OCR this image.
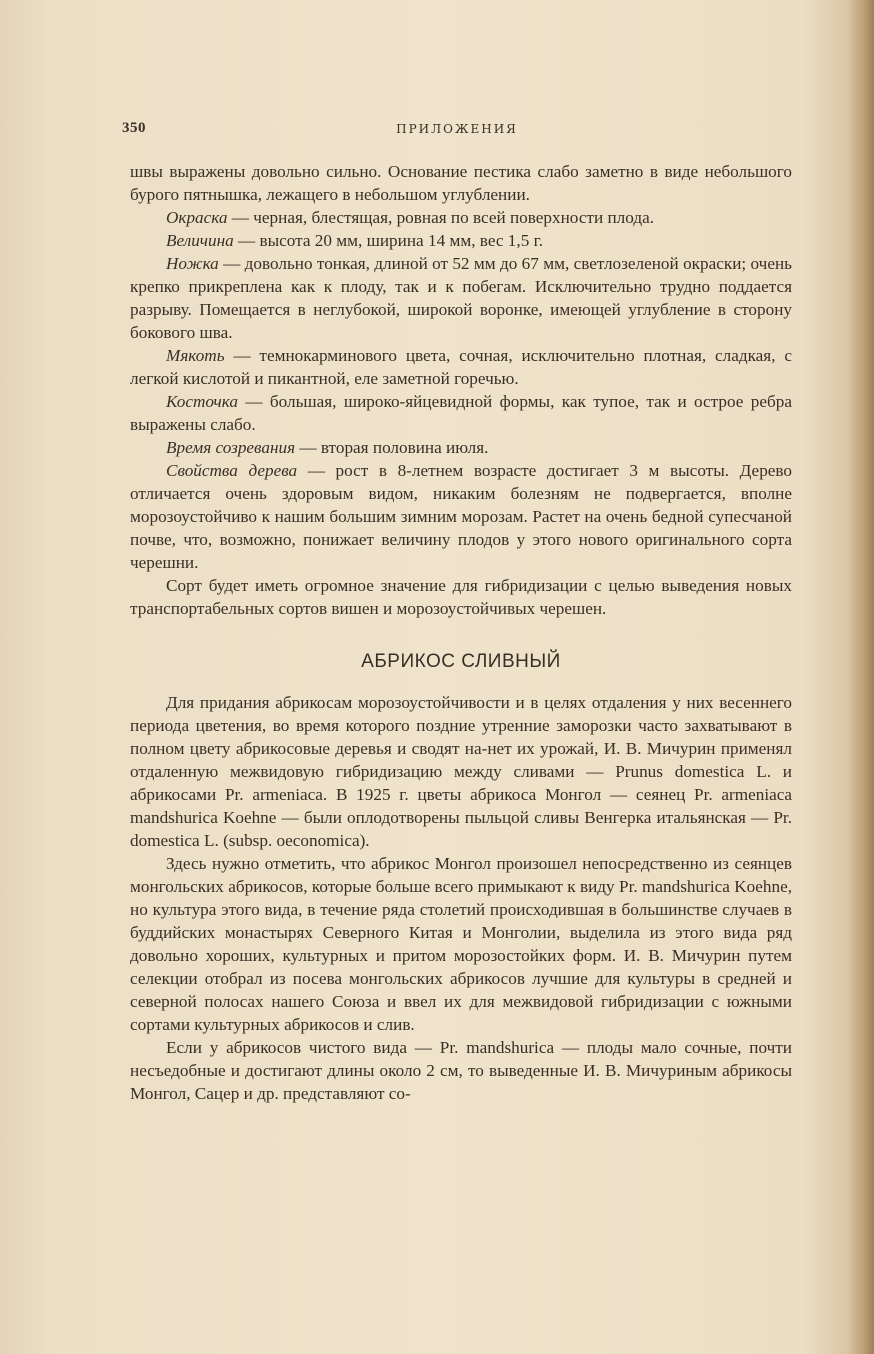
350	ПРИЛОЖЕНИЯ

швы выражены довольно сильно. Основание пестика слабо заметно в виде небольшого бурого пятнышка, лежащего в небольшом углублении.

Окраска — черная, блестящая, ровная по всей поверхности плода.

Величина — высота 20 мм, ширина 14 мм, вес 1,5 г.

Ножка — довольно тонкая, длиной от 52 мм до 67 мм, светлозеленой окраски; очень крепко прикреплена как к плоду, так и к побегам. Исключительно трудно поддается разрыву. Помещается в неглубокой, широкой воронке, имеющей углубление в сторону бокового шва.

Мякоть — темнокарминового цвета, сочная, исключительно плотная, сладкая, с легкой кислотой и пикантной, еле заметной горечью.

Косточка — большая, широко-яйцевидной формы, как тупое, так и острое ребра выражены слабо.

Время созревания — вторая половина июля.

Свойства дерева — рост в 8-летнем возрасте достигает 3 м высоты. Дерево отличается очень здоровым видом, никаким болезням не подвергается, вполне морозоустойчиво к нашим большим зимним морозам. Растет на очень бедной супесчаной почве, что, возможно, понижает величину плодов у этого нового оригинального сорта черешни.

Сорт будет иметь огромное значение для гибридизации с целью выведения новых транспортабельных сортов вишен и морозоустойчивых черешен.

АБРИКОС СЛИВНЫЙ

Для придания абрикосам морозоустойчивости и в целях отдаления у них весеннего периода цветения, во время которого поздние утренние заморозки часто захватывают в полном цвету абрикосовые деревья и сводят на-нет их урожай, И. В. Мичурин применял отдаленную межвидовую гибридизацию между сливами — Prunus domestica L. и абрикосами Pr. armeniaca. В 1925 г. цветы абрикоса Монгол — сеянец Pr. armeniaca mandshurica Koehne — были оплодотворены пыльцой сливы Венгерка итальянская — Pr. domestica L. (subsp. oeconomica).

Здесь нужно отметить, что абрикос Монгол произошел непосредственно из сеянцев монгольских абрикосов, которые больше всего примыкают к виду Pr. mandshurica Koehne, но культура этого вида, в течение ряда столетий происходившая в большинстве случаев в буддийских монастырях Северного Китая и Монголии, выделила из этого вида ряд довольно хороших, культурных и притом морозостойких форм. И. В. Мичурин путем селекции отобрал из посева монгольских абрикосов лучшие для культуры в средней и северной полосах нашего Союза и ввел их для межвидовой гибридизации с южными сортами культурных абрикосов и слив.

Если у абрикосов чистого вида — Pr. mandshurica — плоды мало сочные, почти несъедобные и достигают длины около 2 см, то выведенные И. В. Мичуриным абрикосы Монгол, Сацер и др. представляют со-
